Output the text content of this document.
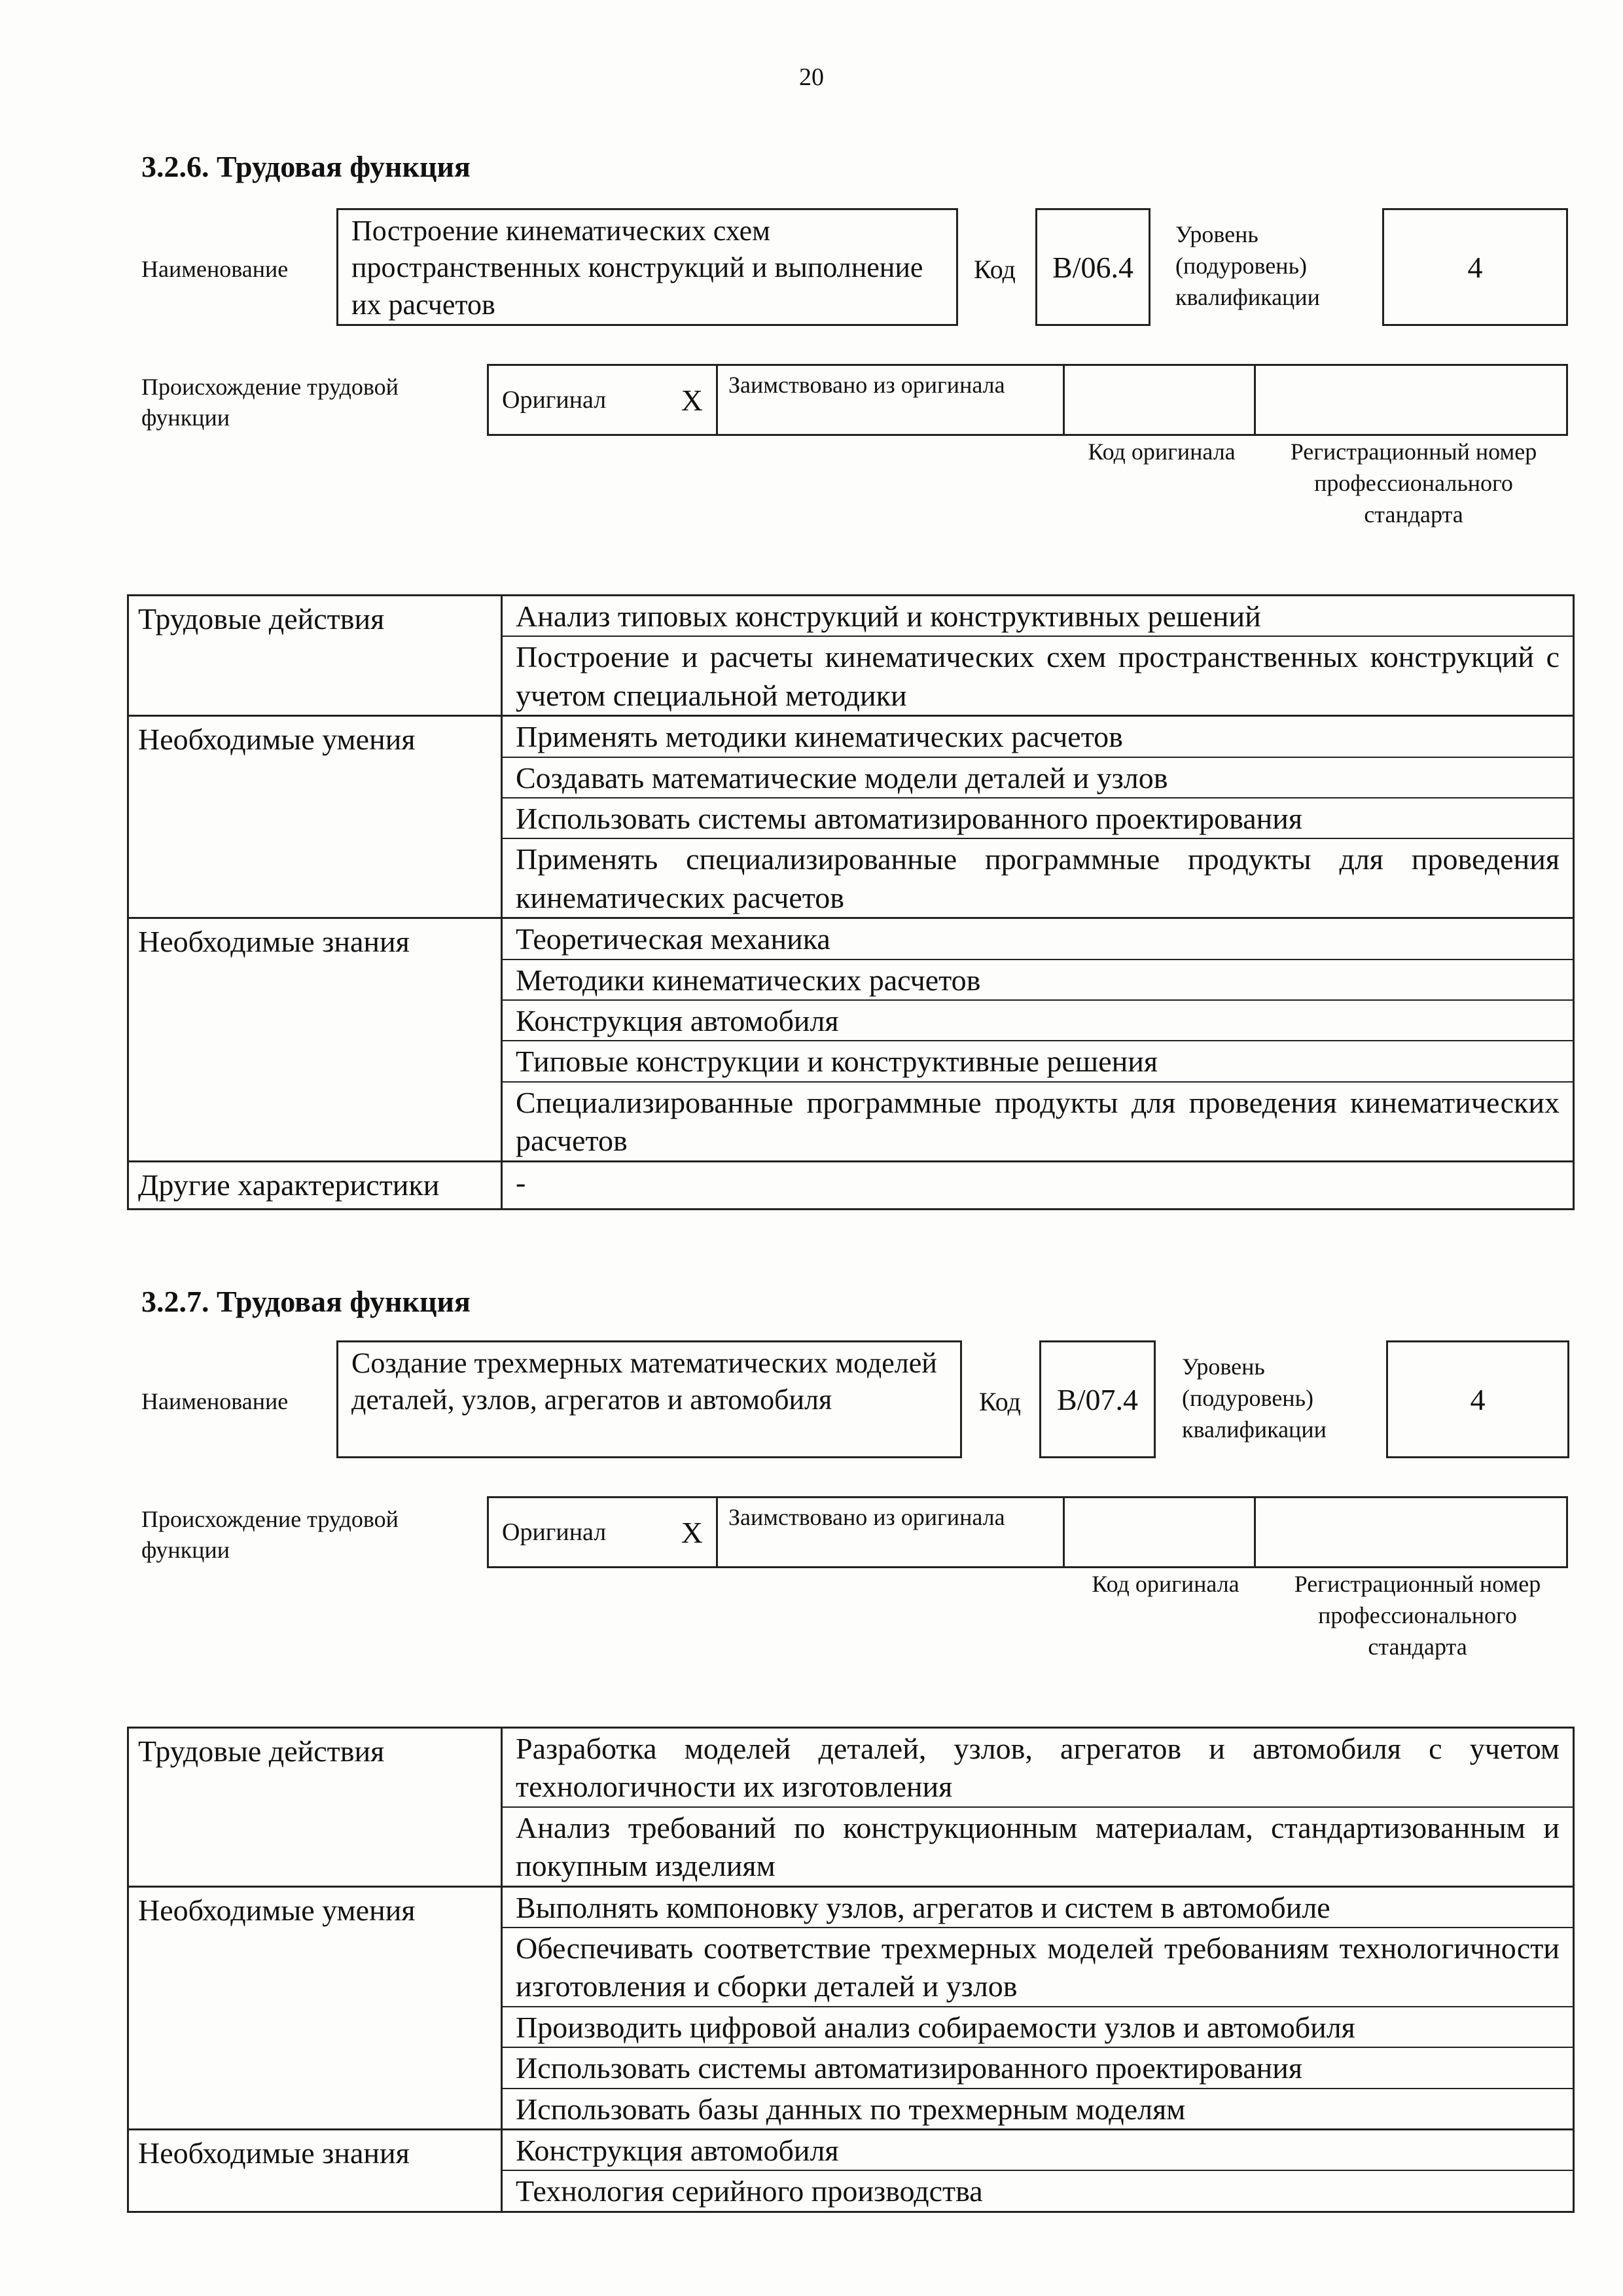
20
3.2.6. Трудовая функция
Наименование
Построение кинематических схем пространственных конструкций и выполнение их расчетов
Код В/06.4
Уровень (подуровень) квалификации
4
Происхождение трудовой функции
Оригинал Х	Заимствовано из оригинала
Код оригинала	Регистрационный номер профессионального стандарта
Трудовые действия	Анализ типовых конструкций и конструктивных решений
Построение и расчеты кинематических схем пространственных конструкций с учетом специальной методики

Необходимые умения	Применять методики кинематических расчетов
Создавать математические модели деталей и узлов
Использовать системы автоматизированного проектирования
Применять специализированные программные продукты для проведения кинематических расчетов

Необходимые знания	Теоретическая механика
Методики кинематических расчетов
Конструкция автомобиля
Типовые конструкции и конструктивные решения
Специализированные программные продукты для проведения кинематических расчетов

Другие характеристики	-
3.2.7. Трудовая функция
Наименование
Создание трехмерных математических моделей деталей, узлов, агрегатов и автомобиля	Код В/07.4
Уровень (подуровень) квалификации
4
Происхождение трудовой функции
Оригинал Х	Заимствовано из оригинала
Код оригинала	Регистрационный номер профессионального стандарта
Трудовые действия	Разработка моделей деталей, узлов, агрегатов и автомобиля с учетом технологичности их изготовления
Анализ требований по конструкционным материалам, стандартизованным и покупным изделиям

Необходимые умения	Выполнять компоновку узлов, агрегатов и систем в автомобиле
Обеспечивать соответствие трехмерных моделей требованиям технологичности изготовления и сборки деталей и узлов
Производить цифровой анализ собираемости узлов и автомобиля
Использовать системы автоматизированного проектирования
Использовать базы данных по трехмерным моделям

Необходимые знания	Конструкция автомобиля
Технология серийного производства
